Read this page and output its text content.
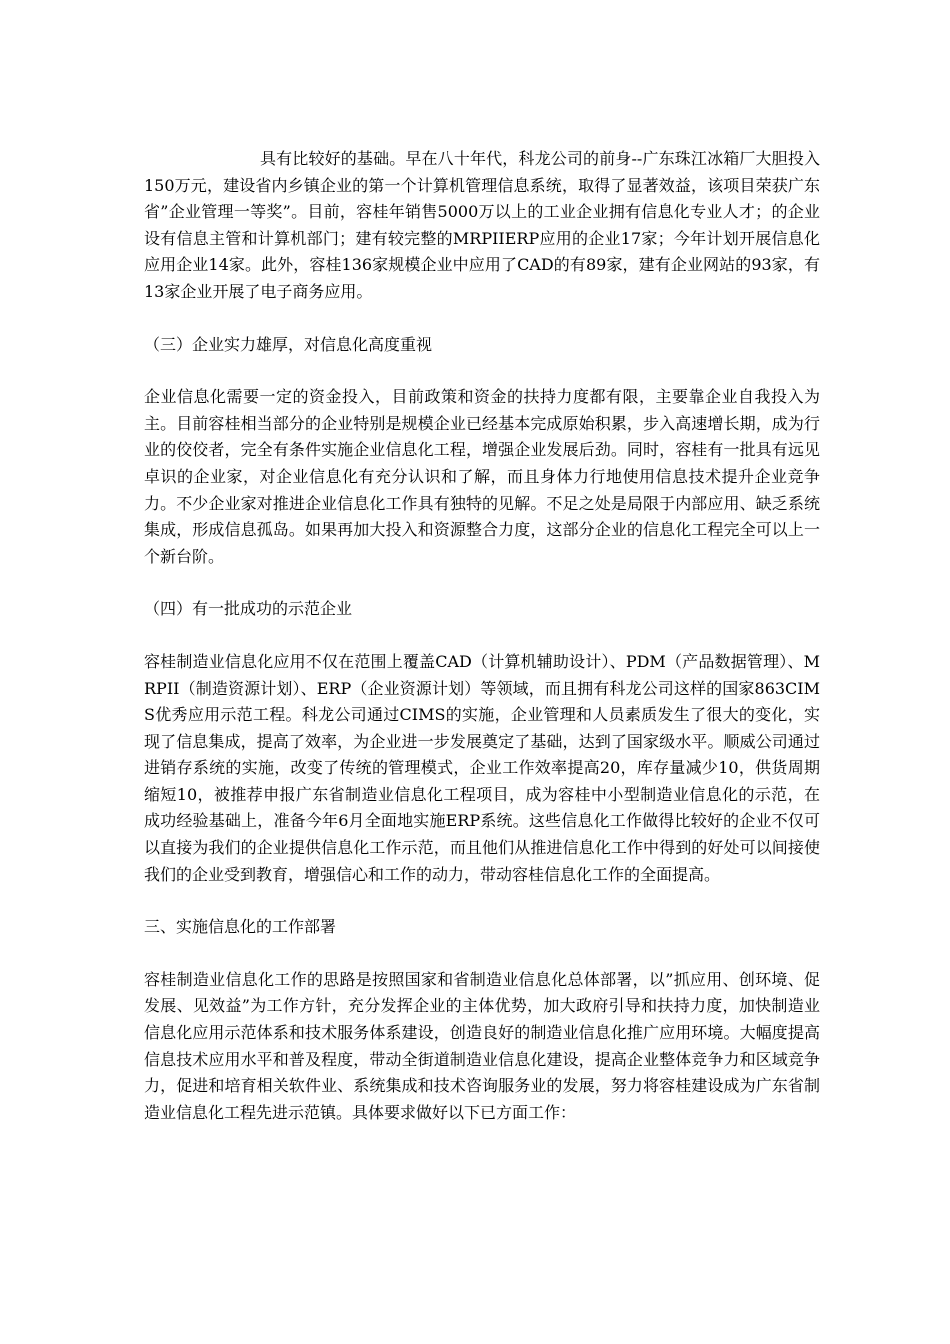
具有比较好的基础。早在八十年代，科龙公司的前身--广东珠江冰箱厂大胆投入150万元，建设省内乡镇企业的第一个计算机管理信息系统，取得了显著效益，该项目荣获广东省”企业管理一等奖”。目前，容桂年销售5000万以上的工业企业拥有信息化专业人才；的企业设有信息主管和计算机部门；建有较完整的MRPIIERP应用的企业17家；今年计划开展信息化应用企业14家。此外，容桂136家规模企业中应用了CAD的有89家，建有企业网站的93家，有13家企业开展了电子商务应用。

（三）企业实力雄厚，对信息化高度重视

企业信息化需要一定的资金投入，目前政策和资金的扶持力度都有限，主要靠企业自我投入为主。目前容桂相当部分的企业特别是规模企业已经基本完成原始积累，步入高速增长期，成为行业的佼佼者，完全有条件实施企业信息化工程，增强企业发展后劲。同时，容桂有一批具有远见卓识的企业家，对企业信息化有充分认识和了解，而且身体力行地使用信息技术提升企业竞争力。不少企业家对推进企业信息化工作具有独特的见解。不足之处是局限于内部应用、缺乏系统集成，形成信息孤岛。如果再加大投入和资源整合力度，这部分企业的信息化工程完全可以上一个新台阶。

（四）有一批成功的示范企业

容桂制造业信息化应用不仅在范围上覆盖CAD（计算机辅助设计）、PDM（产品数据管理）、MRPII（制造资源计划）、ERP（企业资源计划）等领域，而且拥有科龙公司这样的国家863CIMS优秀应用示范工程。科龙公司通过CIMS的实施，企业管理和人员素质发生了很大的变化，实现了信息集成，提高了效率，为企业进一步发展奠定了基础，达到了国家级水平。顺威公司通过进销存系统的实施，改变了传统的管理模式，企业工作效率提高20，库存量减少10，供货周期缩短10，被推荐申报广东省制造业信息化工程项目，成为容桂中小型制造业信息化的示范，在成功经验基础上，准备今年6月全面地实施ERP系统。这些信息化工作做得比较好的企业不仅可以直接为我们的企业提供信息化工作示范，而且他们从推进信息化工作中得到的好处可以间接使我们的企业受到教育，增强信心和工作的动力，带动容桂信息化工作的全面提高。

三、实施信息化的工作部署

容桂制造业信息化工作的思路是按照国家和省制造业信息化总体部署，以”抓应用、创环境、促发展、见效益”为工作方针，充分发挥企业的主体优势，加大政府引导和扶持力度，加快制造业信息化应用示范体系和技术服务体系建设，创造良好的制造业信息化推广应用环境。大幅度提高信息技术应用水平和普及程度，带动全街道制造业信息化建设，提高企业整体竞争力和区域竞争力，促进和培育相关软件业、系统集成和技术咨询服务业的发展，努力将容桂建设成为广东省制造业信息化工程先进示范镇。具体要求做好以下已方面工作：
